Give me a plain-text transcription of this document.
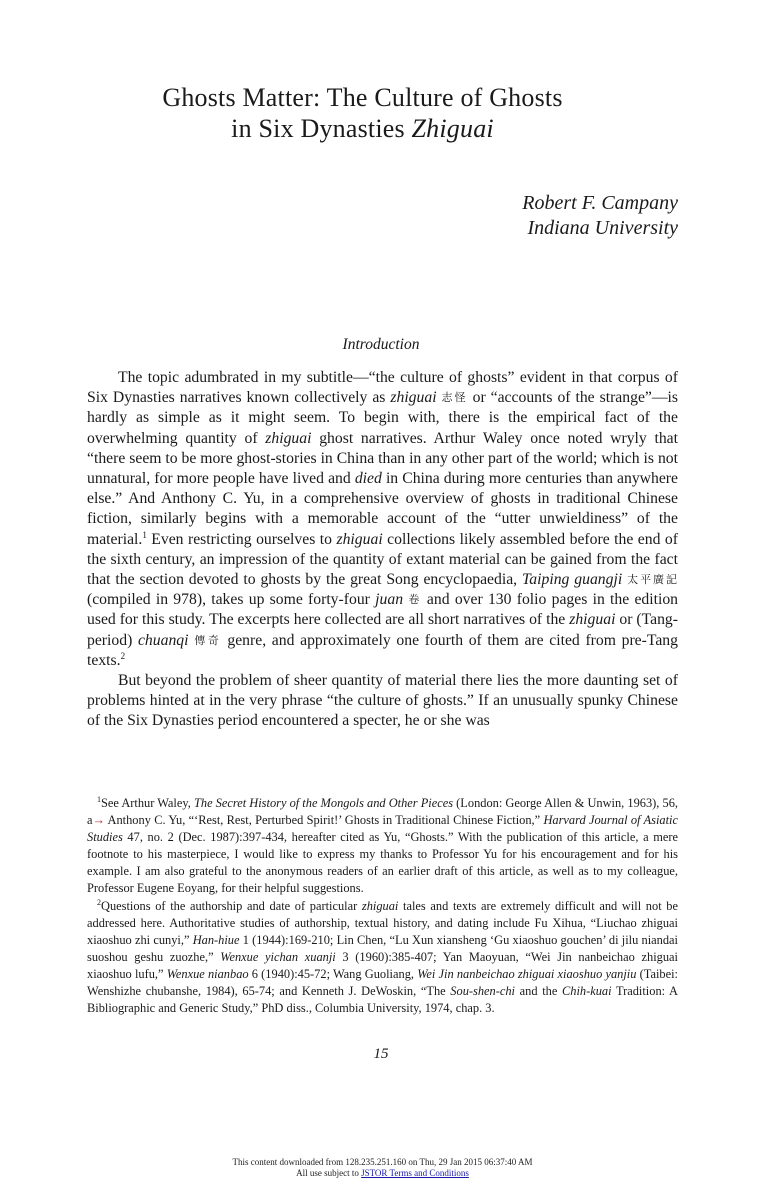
Ghosts Matter: The Culture of Ghosts
in Six Dynasties Zhiguai
Robert F. Campany
Indiana University
Introduction

The topic adumbrated in my subtitle—“the culture of ghosts” evident in that corpus of Six Dynasties narratives known collectively as zhiguai 志怪 or “accounts of the strange”—is hardly as simple as it might seem. To begin with, there is the empirical fact of the overwhelming quantity of zhiguai ghost narratives. Arthur Waley once noted wryly that “there seem to be more ghost-stories in China than in any other part of the world; which is not unnatural, for more people have lived and died in China during more centuries than anywhere else.” And Anthony C. Yu, in a comprehensive overview of ghosts in traditional Chinese fiction, similarly begins with a memorable account of the “utter unwieldiness” of the material.$^1$ Even restricting ourselves to zhiguai collections likely assembled before the end of the sixth century, an impression of the quantity of extant material can be gained from the fact that the section devoted to ghosts by the great Song encyclopaedia, Taiping guangji 太平廣記 (compiled in 978), takes up some forty-four juan 卷 and over 130 folio pages in the edition used for this study. The excerpts here collected are all short narratives of the zhiguai or (Tang-period) chuanqi 傳奇 genre, and approximately one fourth of them are cited from pre-Tang texts.$^2$

But beyond the problem of sheer quantity of material there lies the more daunting set of problems hinted at in the very phrase “the culture of ghosts.” If an unusually spunky Chinese of the Six Dynasties period encountered a specter, he or she was

$^1$See Arthur Waley, The Secret History of the Mongols and Other Pieces (London: George Allen & Unwin, 1963), 56, a→ Anthony C. Yu, “‘Rest, Rest, Perturbed Spirit!’ Ghosts in Traditional Chinese Fiction,” Harvard Journal of Asiatic Studies 47, no. 2 (Dec. 1987):397-434, hereafter cited as Yu, “Ghosts.” With the publication of this article, a mere footnote to his masterpiece, I would like to express my thanks to Professor Yu for his encouragement and for his example. I am also grateful to the anonymous readers of an earlier draft of this article, as well as to my colleague, Professor Eugene Eoyang, for their helpful suggestions.

$^2$Questions of the authorship and date of particular zhiguai tales and texts are extremely difficult and will not be addressed here. Authoritative studies of authorship, textual history, and dating include Fu Xihua, “Liuchao zhiguai xiaoshuo zhi cunyi,” Han-hiue 1 (1944):169-210; Lin Chen, “Lu Xun xiansheng ‘Gu xiaoshuo gouchen’ di jilu niandai suoshou geshu zuozhe,” Wenxue yichan xuanji 3 (1960):385-407; Yan Maoyuan, “Wei Jin nanbeichao zhiguai xiaoshuo lufu,” Wenxue nianbao 6 (1940):45-72; Wang Guoliang, Wei Jin nanbeichao zhiguai xiaoshuo yanjiu (Taibei: Wenshizhe chubanshe, 1984), 65-74; and Kenneth J. DeWoskin, “The Sou-shen-chi and the Chih-kuai Tradition: A Bibliographic and Generic Study,” PhD diss., Columbia University, 1974, chap. 3.

15
This content downloaded from 128.235.251.160 on Thu, 29 Jan 2015 06:37:40 AM
All use subject to JSTOR Terms and Conditions
